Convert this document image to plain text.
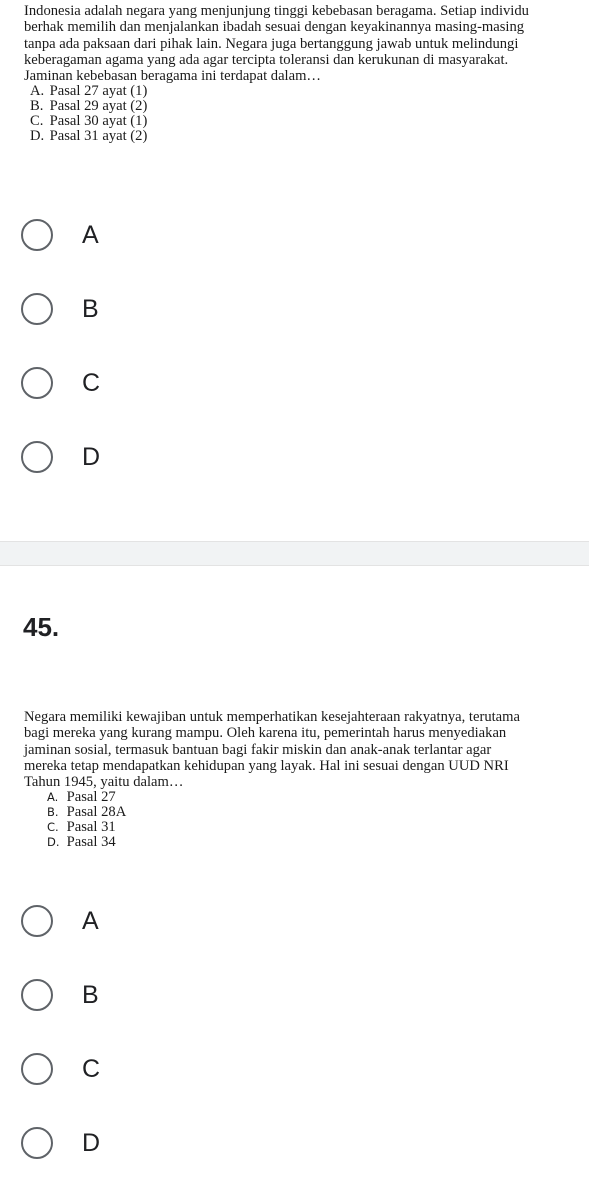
Indonesia adalah negara yang menjunjung tinggi kebebasan beragama. Setiap individu

berhak memilih dan menjalankan ibadah sesuai dengan keyakinannya masing-masing

tanpa ada paksaan dari pihak lain. Negara juga bertanggung jawab untuk melindungi

keberagaman agama yang ada agar tercipta toleransi dan kerukunan di masyarakat.

Jaminan kebebasan beragama ini terdapat dalam…

A. Pasal 27 ayat (1)
B. Pasal 29 ayat (2)
C. Pasal 30 ayat (1)
D. Pasal 31 ayat (2)
A
B
C
D
45.

Negara memiliki kewajiban untuk memperhatikan kesejahteraan rakyatnya, terutama

bagi mereka yang kurang mampu. Oleh karena itu, pemerintah harus menyediakan

jaminan sosial, termasuk bantuan bagi fakir miskin dan anak-anak terlantar agar

mereka tetap mendapatkan kehidupan yang layak. Hal ini sesuai dengan UUD NRI

Tahun 1945, yaitu dalam…

A. Pasal 27
B. Pasal 28A
C. Pasal 31
D. Pasal 34
A
B
C
D
